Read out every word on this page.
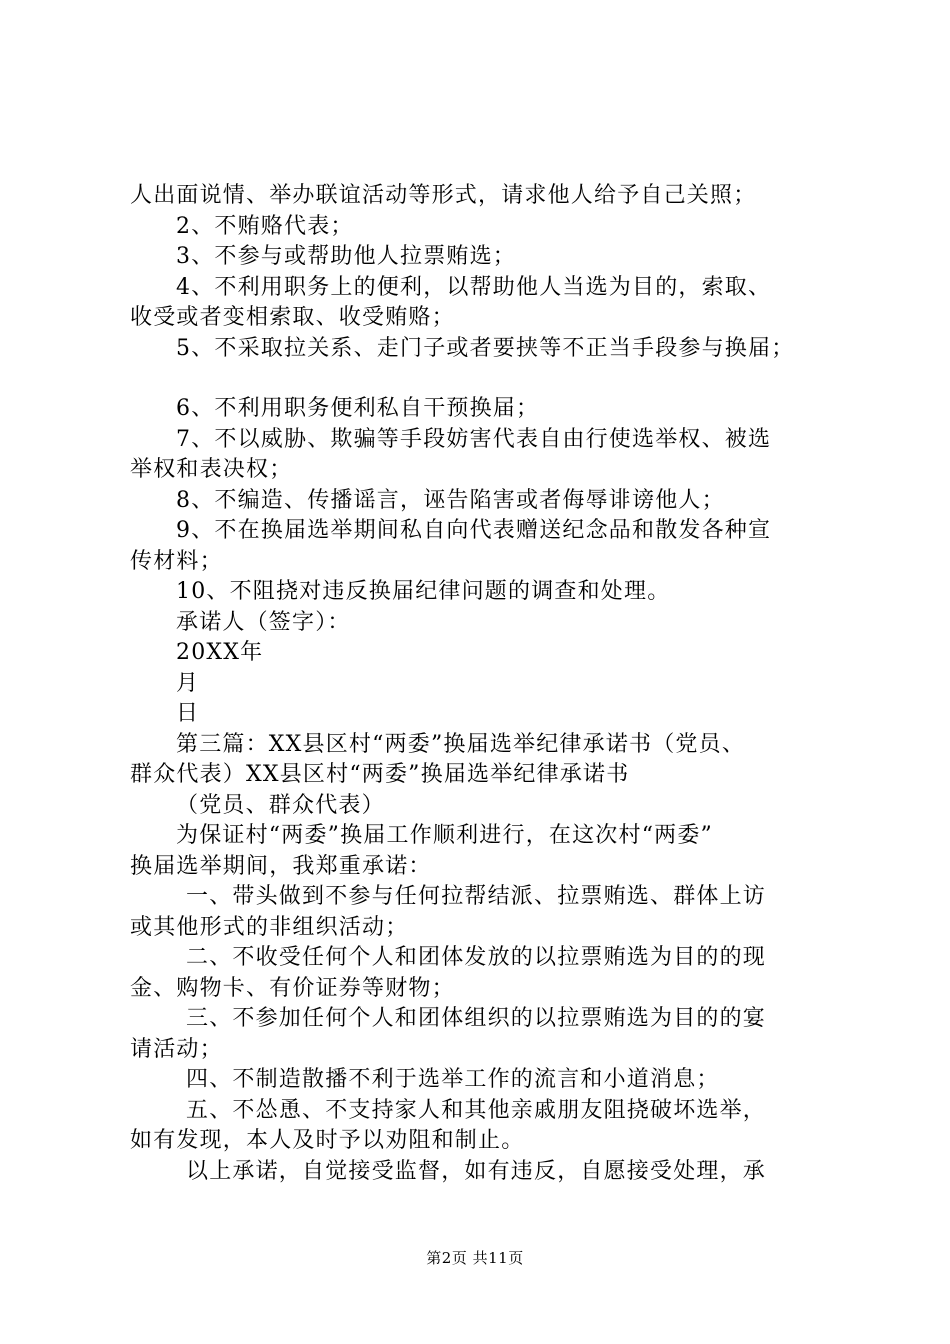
人出面说情、举办联谊活动等形式，请求他人给予自己关照；
2、不贿赂代表；
3、不参与或帮助他人拉票贿选；
4、不利用职务上的便利，以帮助他人当选为目的，索取、
收受或者变相索取、收受贿赂；
5、不采取拉关系、走门子或者要挟等不正当手段参与换届；
6、不利用职务便利私自干预换届；
7、不以威胁、欺骗等手段妨害代表自由行使选举权、被选
举权和表决权；
8、不编造、传播谣言，诬告陷害或者侮辱诽谤他人；
9、不在换届选举期间私自向代表赠送纪念品和散发各种宣
传材料；
10、不阻挠对违反换届纪律问题的调查和处理。
承诺人（签字）：
20XX年
月
日
第三篇：XX县区村“两委”换届选举纪律承诺书（党员、
群众代表）XX县区村“两委”换届选举纪律承诺书
（党员、群众代表）
为保证村“两委”换届工作顺利进行，在这次村“两委”
换届选举期间，我郑重承诺：
一、带头做到不参与任何拉帮结派、拉票贿选、群体上访
或其他形式的非组织活动；
二、不收受任何个人和团体发放的以拉票贿选为目的的现
金、购物卡、有价证券等财物；
三、不参加任何个人和团体组织的以拉票贿选为目的的宴
请活动；
四、不制造散播不利于选举工作的流言和小道消息；
五、不怂恿、不支持家人和其他亲戚朋友阻挠破坏选举，
如有发现，本人及时予以劝阻和制止。
以上承诺，自觉接受监督，如有违反，自愿接受处理，承
第2页 共11页
